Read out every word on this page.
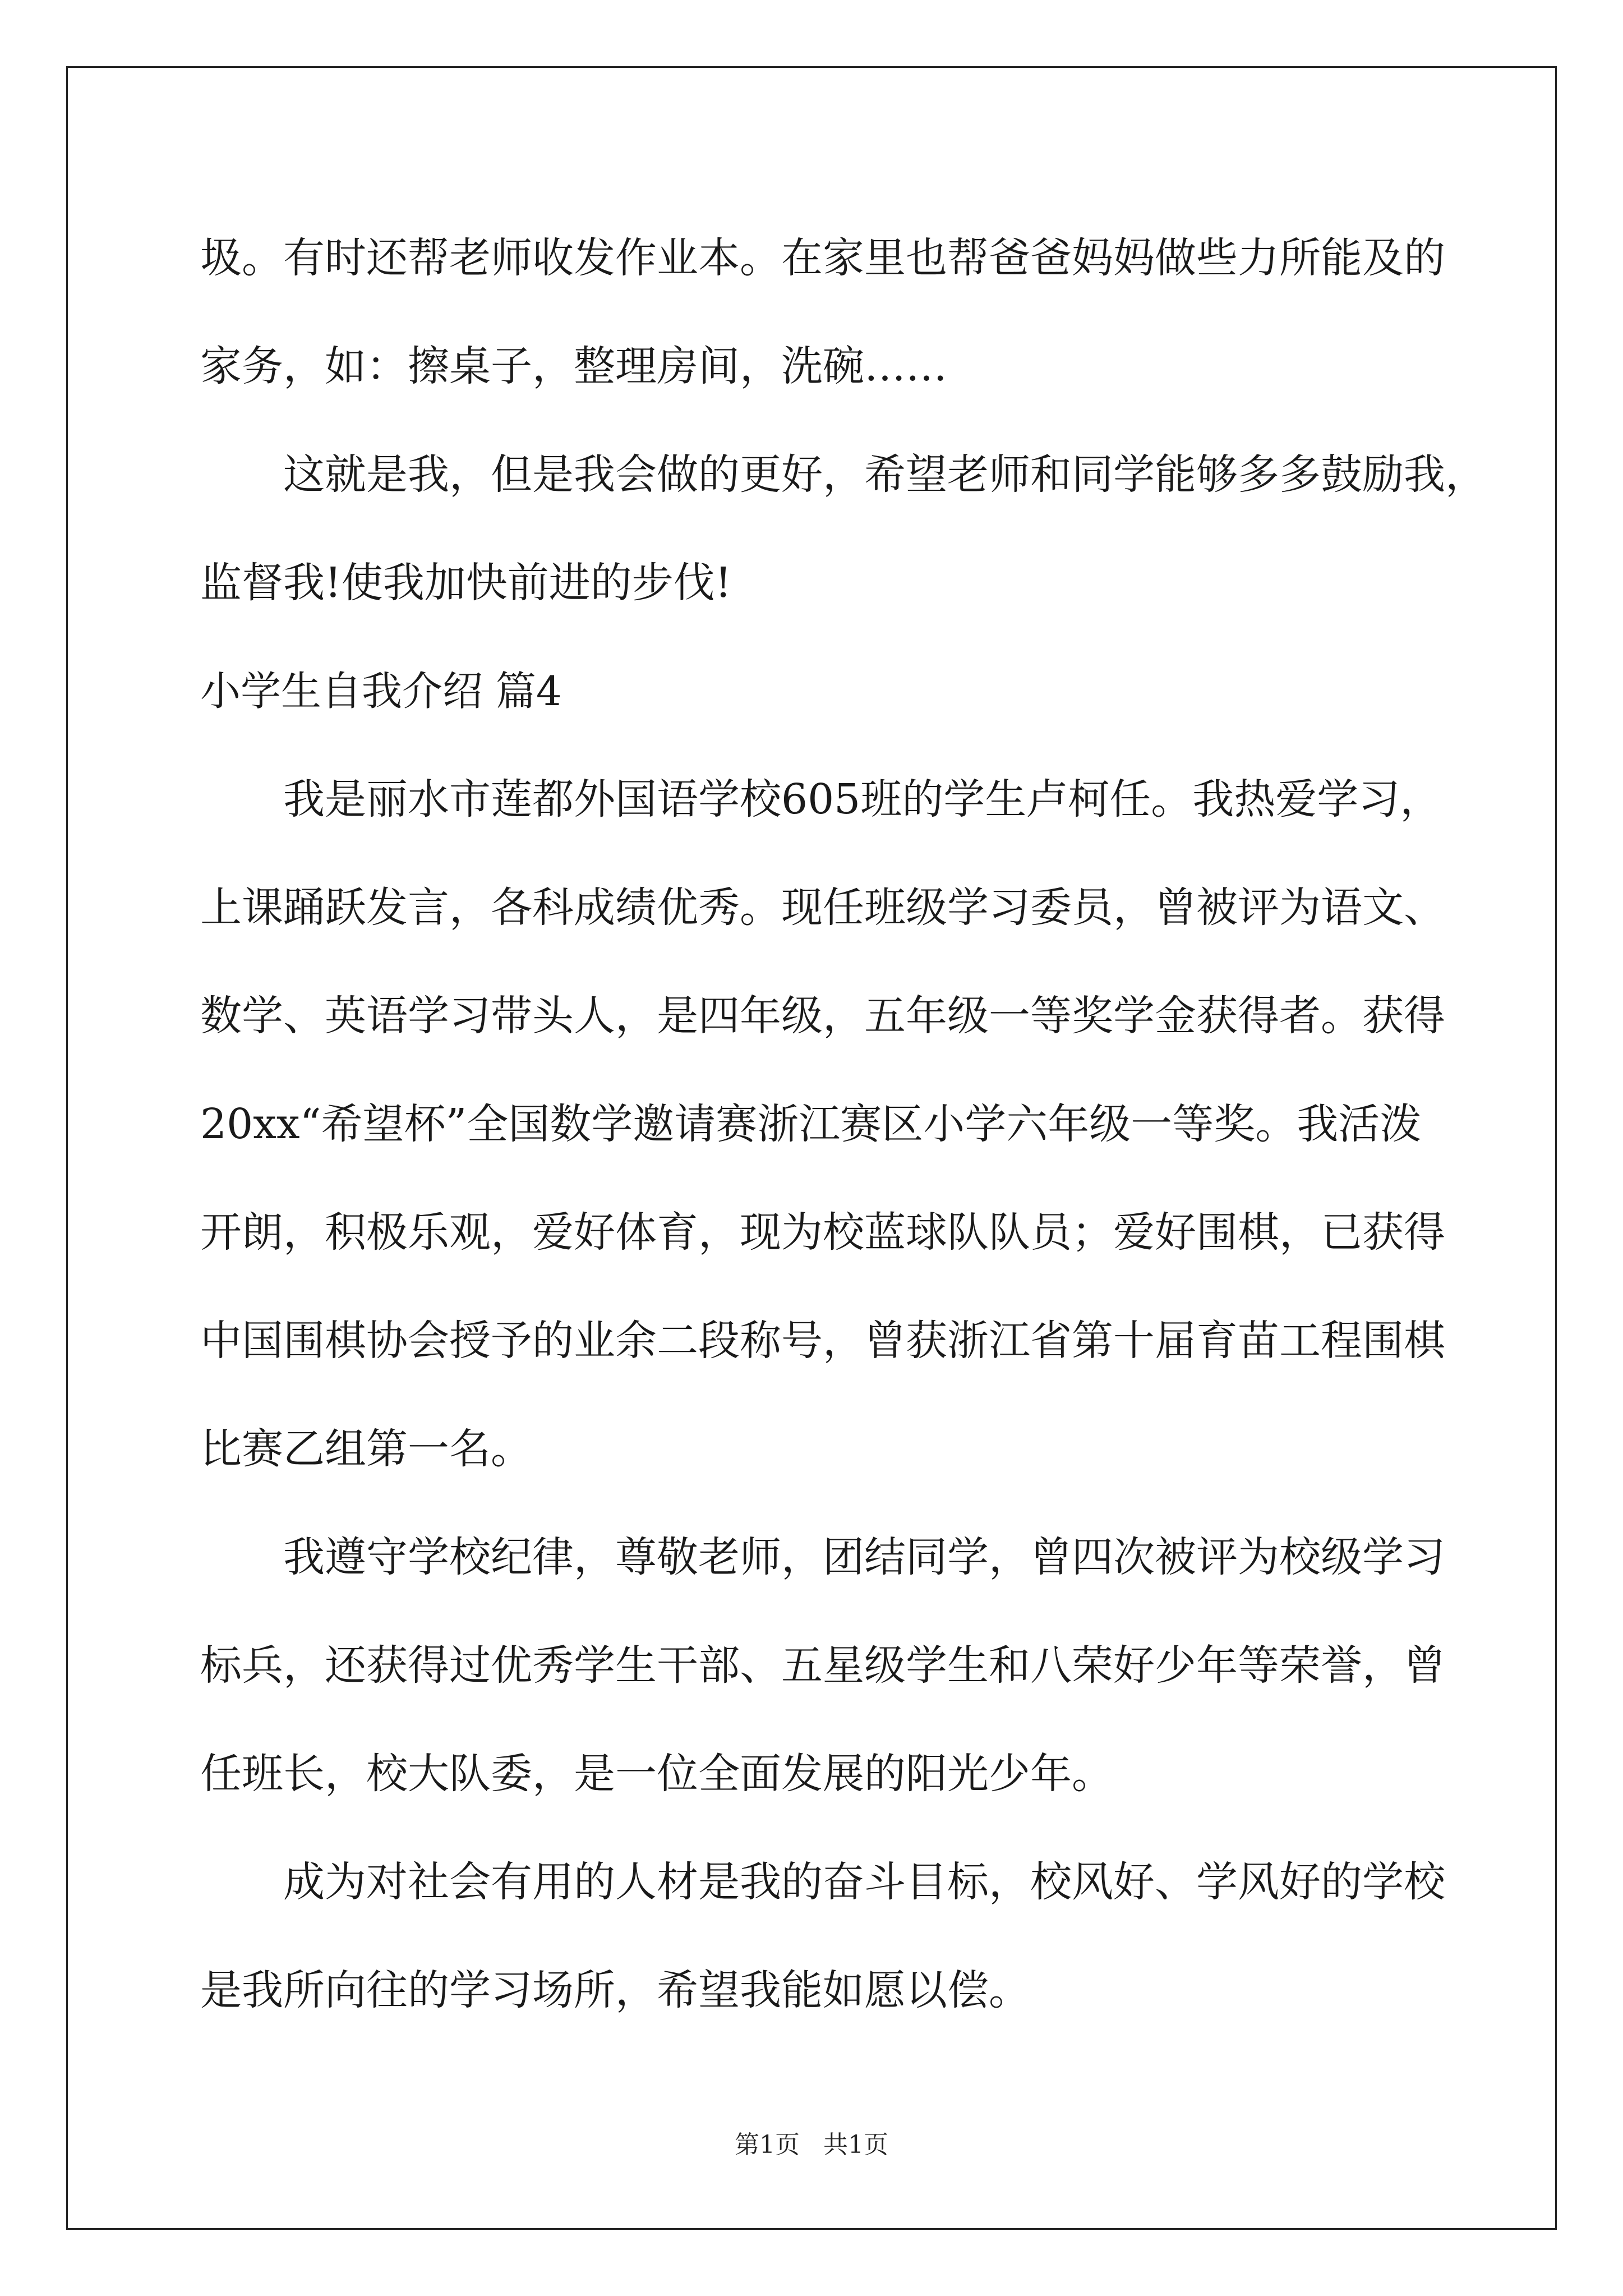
圾。有时还帮老师收发作业本。在家里也帮爸爸妈妈做些力所能及的
家务，如：擦桌子，整理房间，洗碗……
这就是我，但是我会做的更好，希望老师和同学能够多多鼓励我，
监督我!使我加快前进的步伐!
小学生自我介绍 篇4
我是丽水市莲都外国语学校605班的学生卢柯任。我热爱学习，
上课踊跃发言，各科成绩优秀。现任班级学习委员，曾被评为语文、
数学、英语学习带头人，是四年级，五年级一等奖学金获得者。获得
20xx“希望杯”全国数学邀请赛浙江赛区小学六年级一等奖。我活泼
开朗，积极乐观，爱好体育，现为校蓝球队队员；爱好围棋，已获得
中国围棋协会授予的业余二段称号，曾获浙江省第十届育苗工程围棋
比赛乙组第一名。
我遵守学校纪律，尊敬老师，团结同学，曾四次被评为校级学习
标兵，还获得过优秀学生干部、五星级学生和八荣好少年等荣誉，曾
任班长，校大队委，是一位全面发展的阳光少年。
成为对社会有用的人材是我的奋斗目标，校风好、学风好的学校
是我所向往的学习场所，希望我能如愿以偿。
第1页   共1页
